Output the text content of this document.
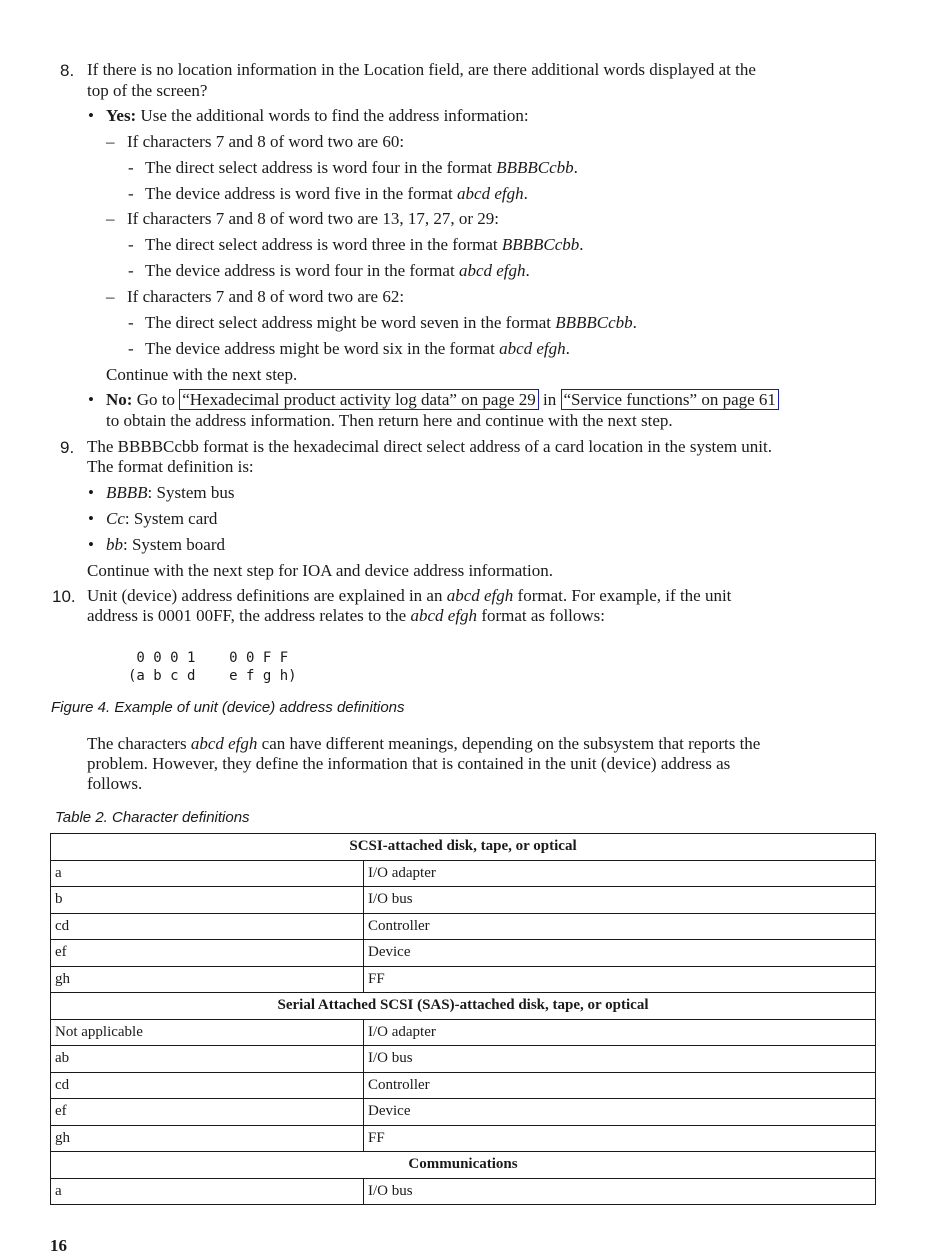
8. If there is no location information in the Location field, are there additional words displayed at the
top of the screen?
• Yes: Use the additional words to find the address information:
– If characters 7 and 8 of word two are 60:
- The direct select address is word four in the format BBBBCcbb.
- The device address is word five in the format abcd efgh.
– If characters 7 and 8 of word two are 13, 17, 27, or 29:
- The direct select address is word three in the format BBBBCcbb.
- The device address is word four in the format abcd efgh.
– If characters 7 and 8 of word two are 62:
- The direct select address might be word seven in the format BBBBCcbb.
- The device address might be word six in the format abcd efgh.
Continue with the next step.
• No: Go to “Hexadecimal product activity log data” on page 29 in “Service functions” on page 61
to obtain the address information. Then return here and continue with the next step.
9. The BBBBCcbb format is the hexadecimal direct select address of a card location in the system unit.
The format definition is:
• BBBB: System bus
• Cc: System card
• bb: System board
Continue with the next step for IOA and device address information.
10. Unit (device) address definitions are explained in an abcd efgh format. For example, if the unit
address is 0001 00FF, the address relates to the abcd efgh format as follows:
0 0 0 1    0 0 F F
(a b c d    e f g h)
Figure 4. Example of unit (device) address definitions
The characters abcd efgh can have different meanings, depending on the subsystem that reports the
problem. However, they define the information that is contained in the unit (device) address as
follows.
Table 2. Character definitions
SCSI-attached disk, tape, or optical	
a	I/O adapter
b	I/O bus
cd	Controller
ef	Device
gh	FF
Serial Attached SCSI (SAS)-attached disk, tape, or optical	
Not applicable	I/O adapter
ab	I/O bus
cd	Controller
ef	Device
gh	FF
Communications	
a	I/O bus
16
